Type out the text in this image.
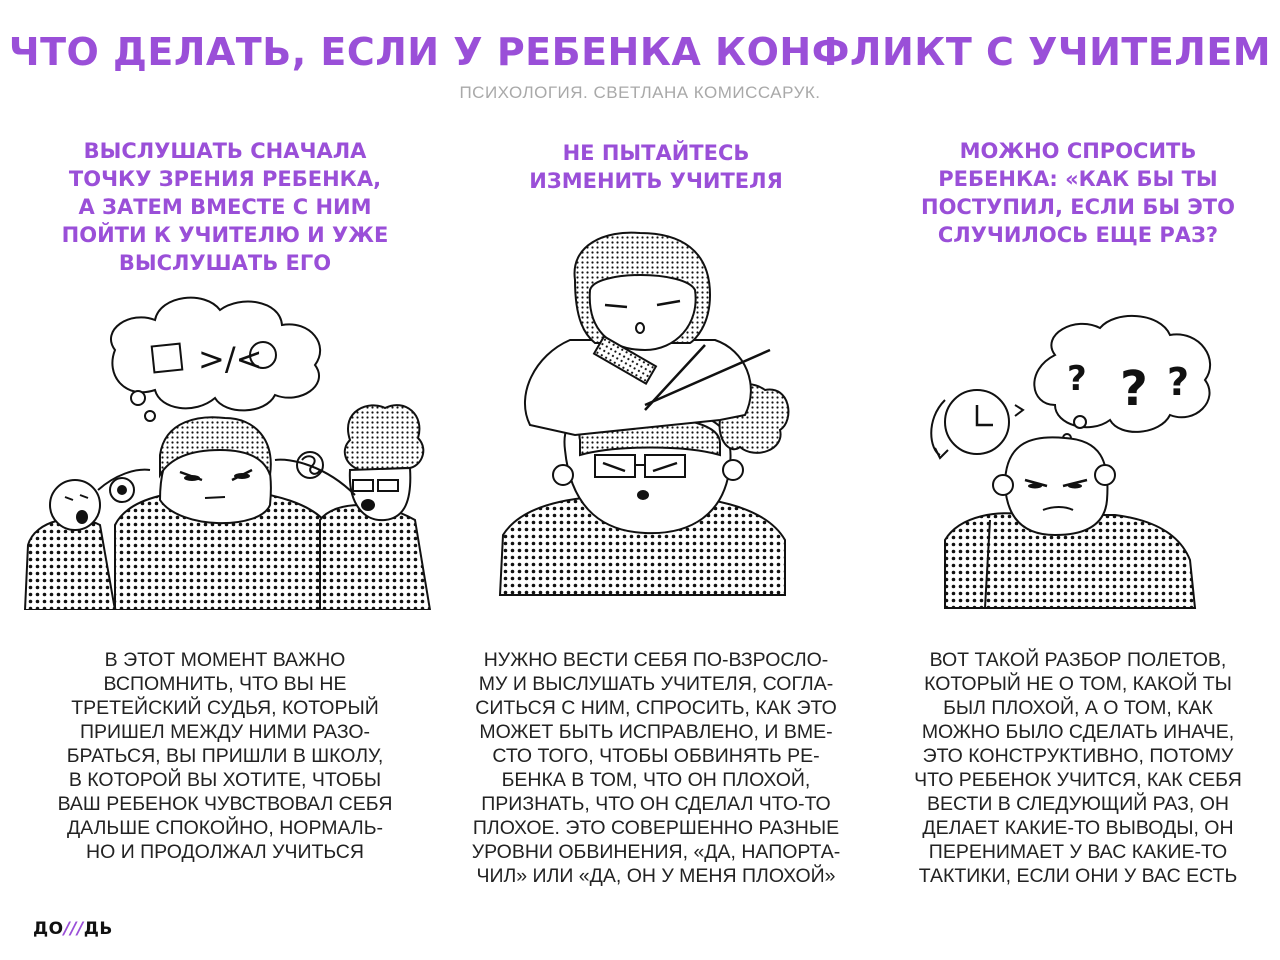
ЧТО ДЕЛАТЬ, ЕСЛИ У РЕБЕНКА КОНФЛИКТ С УЧИТЕЛЕМ
ПСИХОЛОГИЯ. СВЕТЛАНА КОМИССАРУК.
ВЫСЛУШАТЬ СНАЧАЛА
ТОЧКУ ЗРЕНИЯ РЕБЕНКА,
А ЗАТЕМ ВМЕСТЕ С НИМ
ПОЙТИ К УЧИТЕЛЮ И УЖЕ
ВЫСЛУШАТЬ ЕГО
В ЭТОТ МОМЕНТ ВАЖНО
ВСПОМНИТЬ, ЧТО ВЫ НЕ
ТРЕТЕЙСКИЙ СУДЬЯ, КОТОРЫЙ
ПРИШЕЛ МЕЖДУ НИМИ РАЗО-
БРАТЬСЯ, ВЫ ПРИШЛИ В ШКОЛУ,
В КОТОРОЙ ВЫ ХОТИТЕ, ЧТОБЫ
ВАШ РЕБЕНОК ЧУВСТВОВАЛ СЕБЯ
ДАЛЬШЕ СПОКОЙНО, НОРМАЛЬ-
НО И ПРОДОЛЖАЛ УЧИТЬСЯ
>/<
НЕ ПЫТАЙТЕСЬ
ИЗМЕНИТЬ УЧИТЕЛЯ
НУЖНО ВЕСТИ СЕБЯ ПО-ВЗРОСЛО-
МУ И ВЫСЛУШАТЬ УЧИТЕЛЯ, СОГЛА-
СИТЬСЯ С НИМ, СПРОСИТЬ, КАК ЭТО
МОЖЕТ БЫТЬ ИСПРАВЛЕНО, И ВМЕ-
СТО ТОГО, ЧТОБЫ ОБВИНЯТЬ РЕ-
БЕНКА В ТОМ, ЧТО ОН ПЛОХОЙ,
ПРИЗНАТЬ, ЧТО ОН СДЕЛАЛ ЧТО-ТО
ПЛОХОЕ. ЭТО СОВЕРШЕННО РАЗНЫЕ
УРОВНИ ОБВИНЕНИЯ, «ДА, НАПОРТА-
ЧИЛ» ИЛИ «ДА, ОН У МЕНЯ ПЛОХОЙ»
МОЖНО СПРОСИТЬ
РЕБЕНКА: «КАК БЫ ТЫ
ПОСТУПИЛ, ЕСЛИ БЫ ЭТО
СЛУЧИЛОСЬ ЕЩЕ РАЗ?
ВОТ ТАКОЙ РАЗБОР ПОЛЕТОВ,
КОТОРЫЙ НЕ О ТОМ, КАКОЙ ТЫ
БЫЛ ПЛОХОЙ, А О ТОМ, КАК
МОЖНО БЫЛО СДЕЛАТЬ ИНАЧЕ,
ЭТО КОНСТРУКТИВНО, ПОТОМУ
ЧТО РЕБЕНОК УЧИТСЯ, КАК СЕБЯ
ВЕСТИ В СЛЕДУЮЩИЙ РАЗ, ОН
ДЕЛАЕТ КАКИЕ-ТО ВЫВОДЫ, ОН
ПЕРЕНИМАЕТ У ВАС КАКИЕ-ТО
ТАКТИКИ, ЕСЛИ ОНИ У ВАС ЕСТЬ
? ? ?
ДО///ДЬ
